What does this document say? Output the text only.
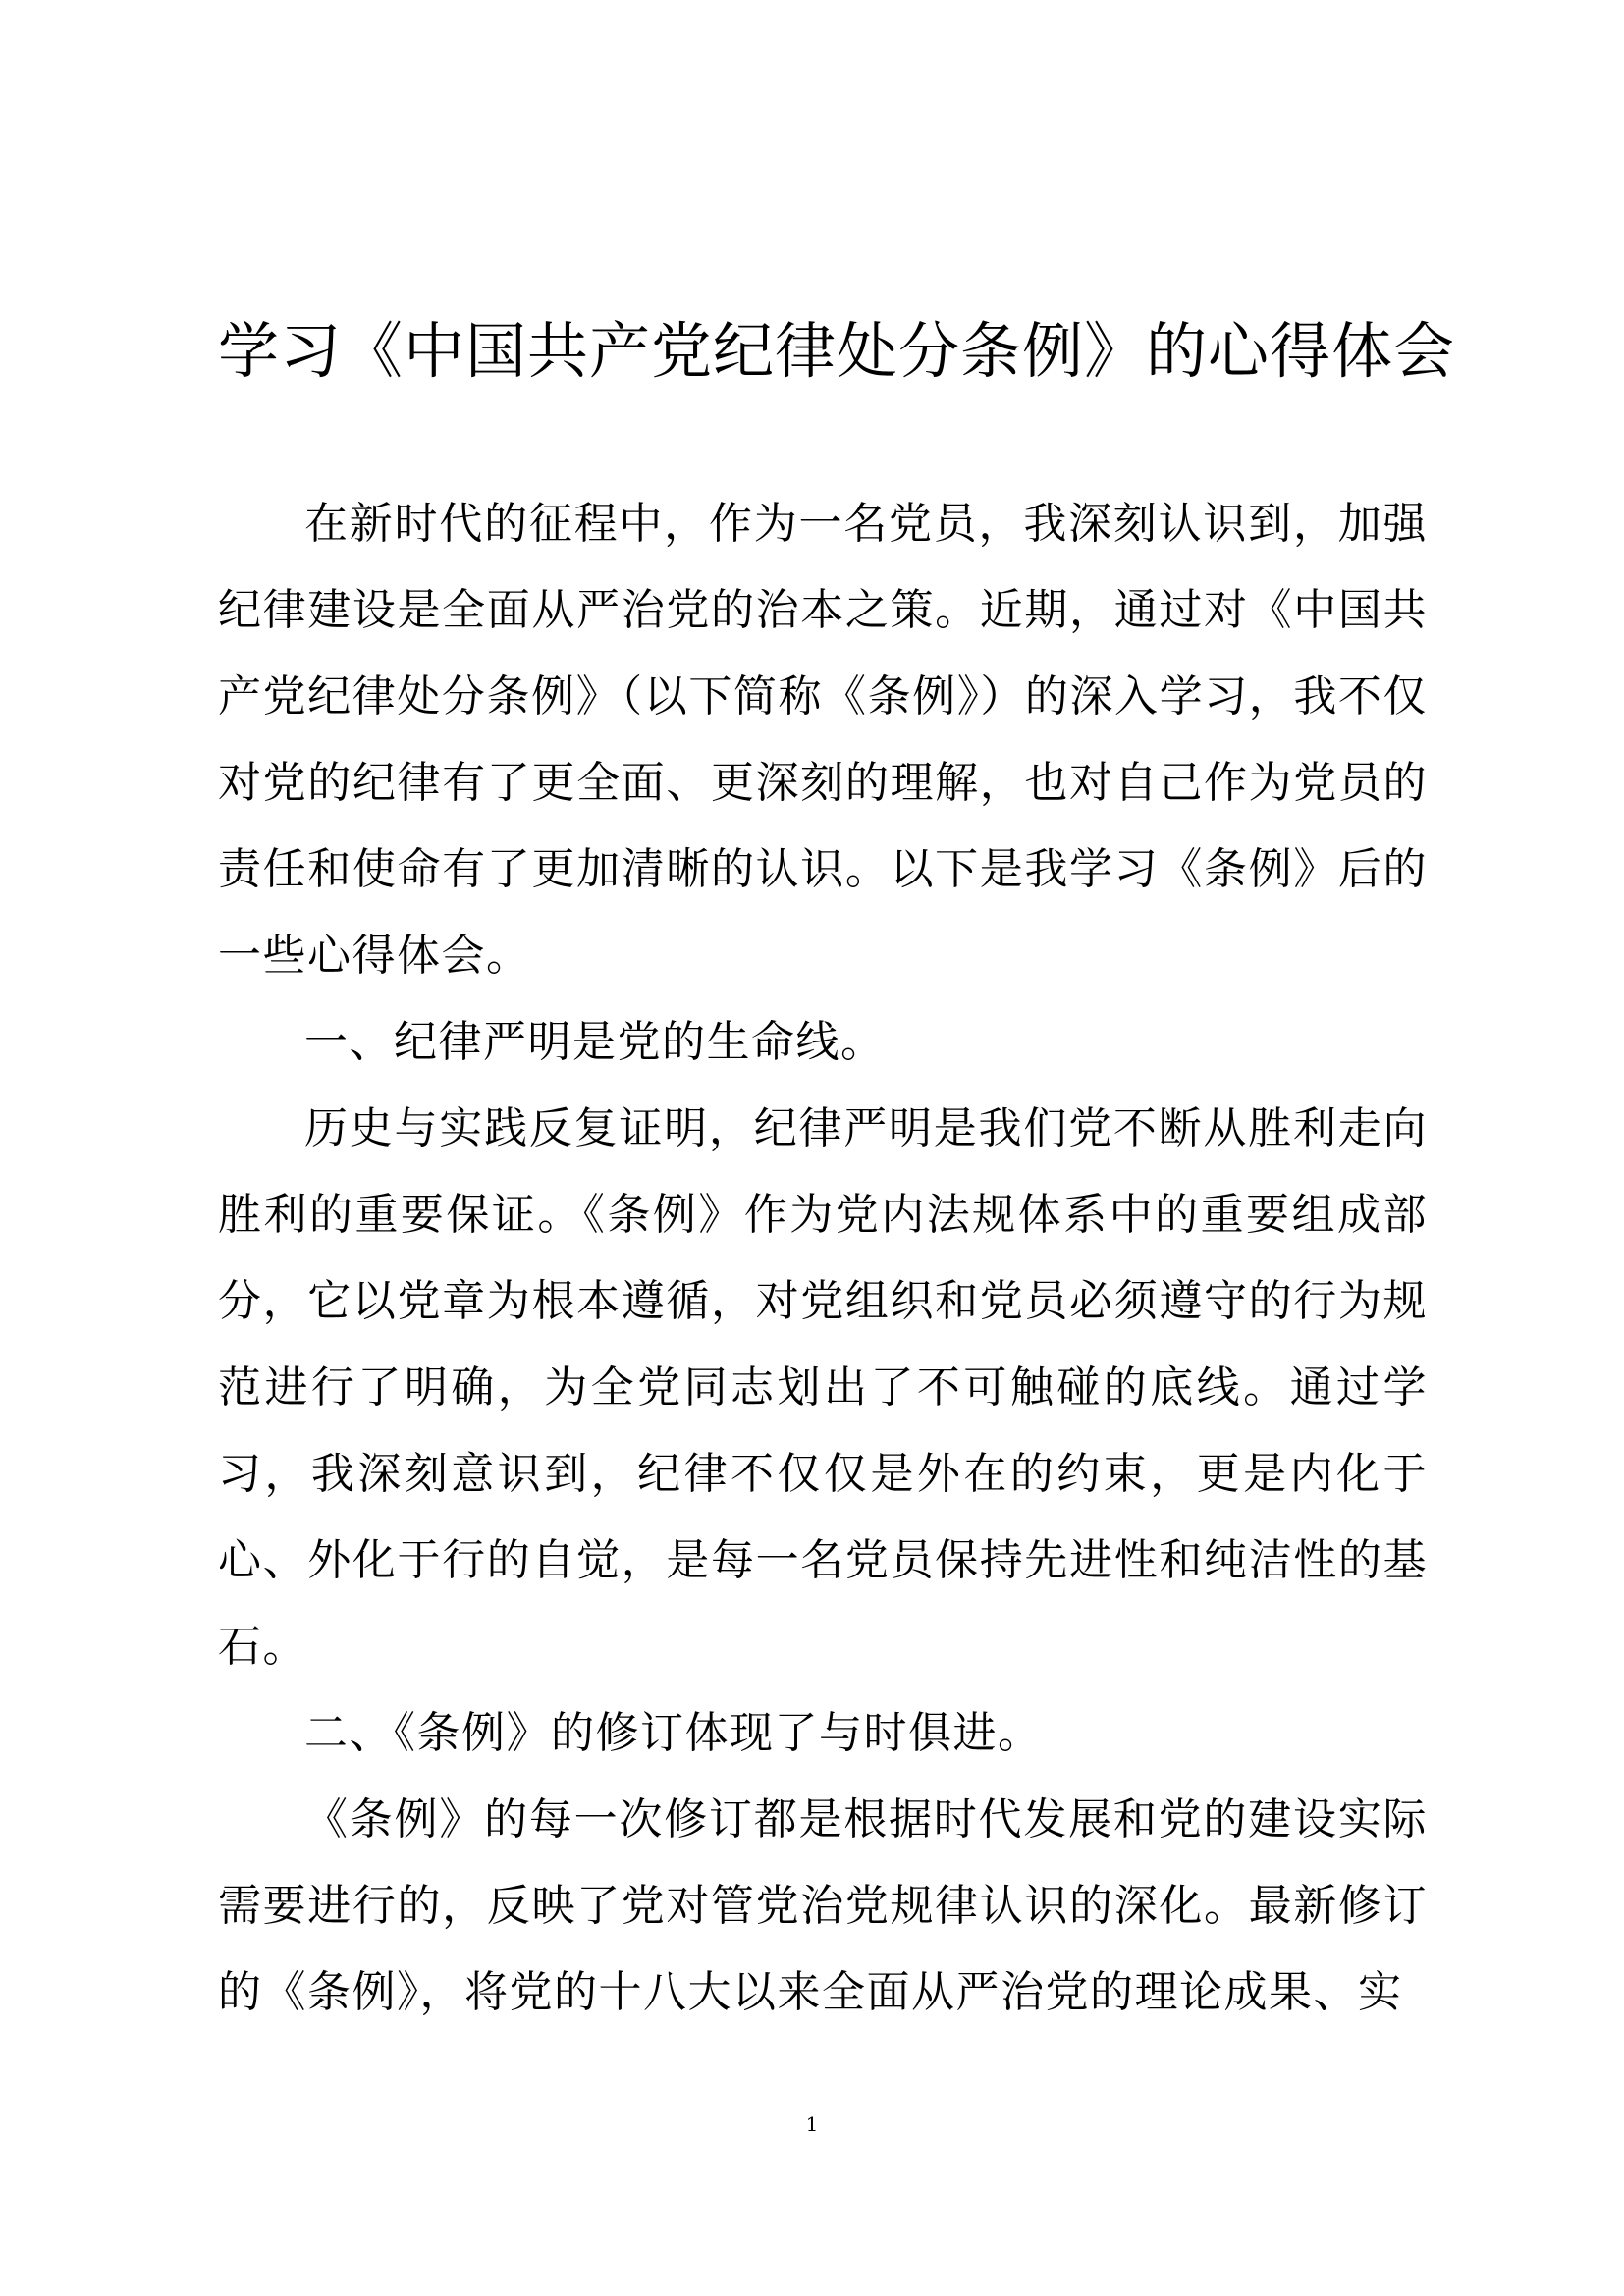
学习《中国共产党纪律处分条例》的心得体会

在新时代的征程中，作为一名党员，我深刻认识到，加强纪律建设是全面从严治党的治本之策。近期，通过对《中国共产党纪律处分条例》（以下简称《条例》）的深入学习，我不仅对党的纪律有了更全面、更深刻的理解，也对自己作为党员的责任和使命有了更加清晰的认识。以下是我学习《条例》后的一些心得体会。

一、纪律严明是党的生命线。

历史与实践反复证明，纪律严明是我们党不断从胜利走向胜利的重要保证。《条例》作为党内法规体系中的重要组成部分，它以党章为根本遵循，对党组织和党员必须遵守的行为规范进行了明确，为全党同志划出了不可触碰的底线。通过学习，我深刻意识到，纪律不仅仅是外在的约束，更是内化于心、外化于行的自觉，是每一名党员保持先进性和纯洁性的基石。

二、《条例》的修订体现了与时俱进。

《条例》的每一次修订都是根据时代发展和党的建设实际需要进行的，反映了党对管党治党规律认识的深化。最新修订的《条例》，将党的十八大以来全面从严治党的理论成果、实

1
